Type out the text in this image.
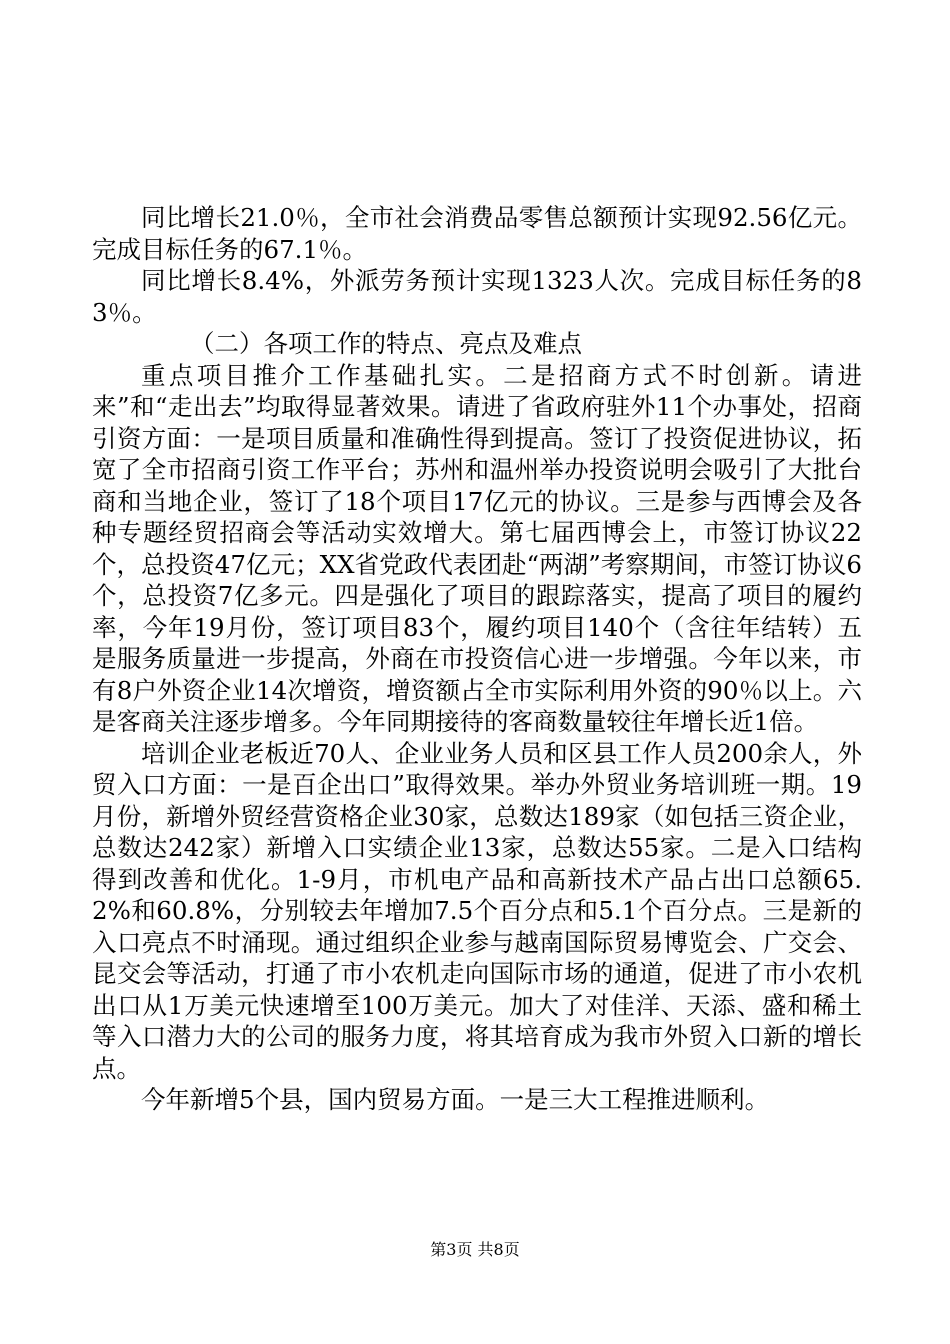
同比增长21.0％，全市社会消费品零售总额预计实现92.56亿元。完成目标任务的67.1％。

同比增长8.4%，外派劳务预计实现1323人次。完成目标任务的83％。

（二）各项工作的特点、亮点及难点

重点项目推介工作基础扎实。二是招商方式不时创新。请进来”和“走出去”均取得显著效果。请进了省政府驻外11个办事处，招商引资方面：一是项目质量和准确性得到提高。签订了投资促进协议，拓宽了全市招商引资工作平台；苏州和温州举办投资说明会吸引了大批台商和当地企业，签订了18个项目17亿元的协议。三是参与西博会及各种专题经贸招商会等活动实效增大。第七届西博会上，市签订协议22个，总投资47亿元；XX省党政代表团赴“两湖”考察期间，市签订协议6个，总投资7亿多元。四是强化了项目的跟踪落实，提高了项目的履约率，今年19月份，签订项目83个，履约项目140个（含往年结转）五是服务质量进一步提高，外商在市投资信心进一步增强。今年以来，市有8户外资企业14次增资，增资额占全市实际利用外资的90％以上。六是客商关注逐步增多。今年同期接待的客商数量较往年增长近1倍。

培训企业老板近70人、企业业务人员和区县工作人员200余人，外贸入口方面：一是百企出口”取得效果。举办外贸业务培训班一期。19月份，新增外贸经营资格企业30家，总数达189家（如包括三资企业，总数达242家）新增入口实绩企业13家，总数达55家。二是入口结构得到改善和优化。1-9月，市机电产品和高新技术产品占出口总额65.2%和60.8%，分别较去年增加7.5个百分点和5.1个百分点。三是新的入口亮点不时涌现。通过组织企业参与越南国际贸易博览会、广交会、昆交会等活动，打通了市小农机走向国际市场的通道，促进了市小农机出口从1万美元快速增至100万美元。加大了对佳洋、天添、盛和稀土等入口潜力大的公司的服务力度，将其培育成为我市外贸入口新的增长点。

今年新增5个县，国内贸易方面。一是三大工程推进顺利。

第3页 共8页
